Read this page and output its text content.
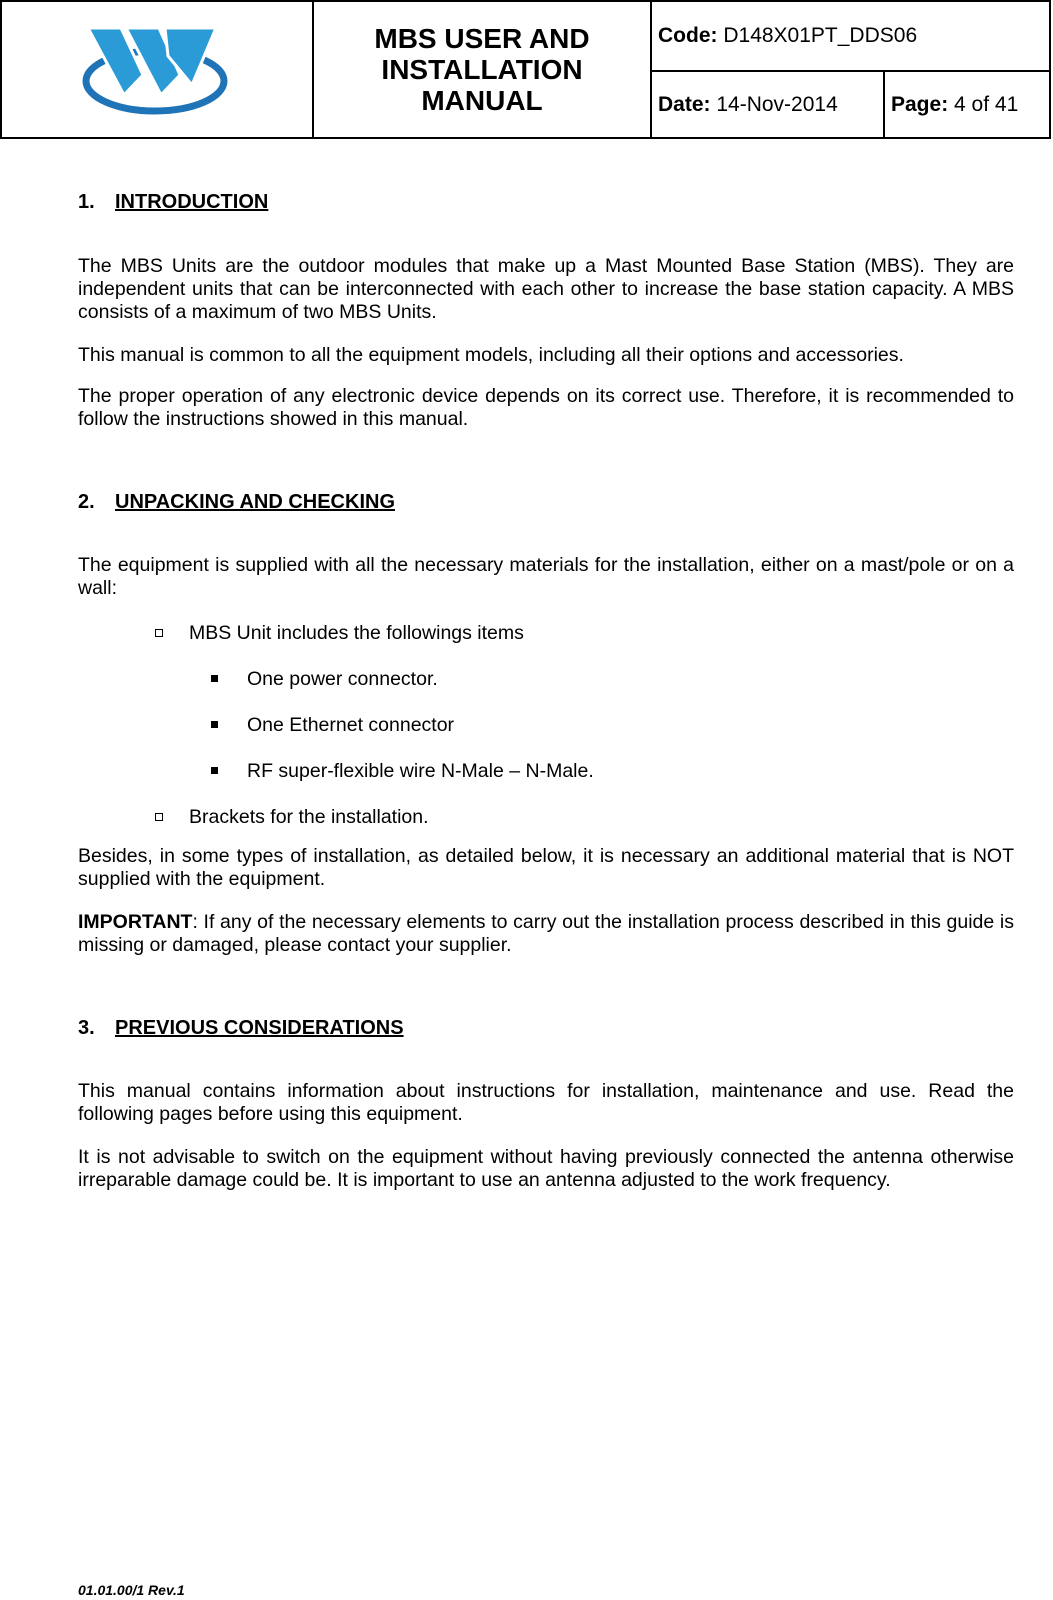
MBS USER AND INSTALLATION MANUAL
Code:
D148X01PT_DDS06
Date:
14-Nov-2014	Page:
4 of 41
1.	INTRODUCTION

The MBS Units are the outdoor modules that make up a Mast Mounted Base Station (MBS). They are independent units that can be interconnected with each other to increase the base station capacity. A MBS consists of a maximum of two MBS Units.

This manual is common to all the equipment models, including all their options and accessories.

The proper operation of any electronic device depends on its correct use. Therefore, it is recommended to follow the instructions showed in this manual.

2.	UNPACKING AND CHECKING

The equipment is supplied with all the necessary materials for the installation, either on a mast/pole or on a wall:

MBS Unit includes the followings items
One power connector.
One Ethernet connector
RF super-flexible wire N-Male – N-Male.
Brackets for the installation.

Besides, in some types of installation, as detailed below, it is necessary an additional material that is NOT supplied with the equipment.

IMPORTANT: If any of the necessary elements to carry out the installation process described in this guide is missing or damaged, please contact your supplier.

3.	PREVIOUS CONSIDERATIONS

This manual contains information about instructions for installation, maintenance and use. Read the following pages before using this equipment.

It is not advisable to switch on the equipment without having previously connected the antenna otherwise irreparable damage could be. It is important to use an antenna adjusted to the work frequency.

01.01.00/1 Rev.1
